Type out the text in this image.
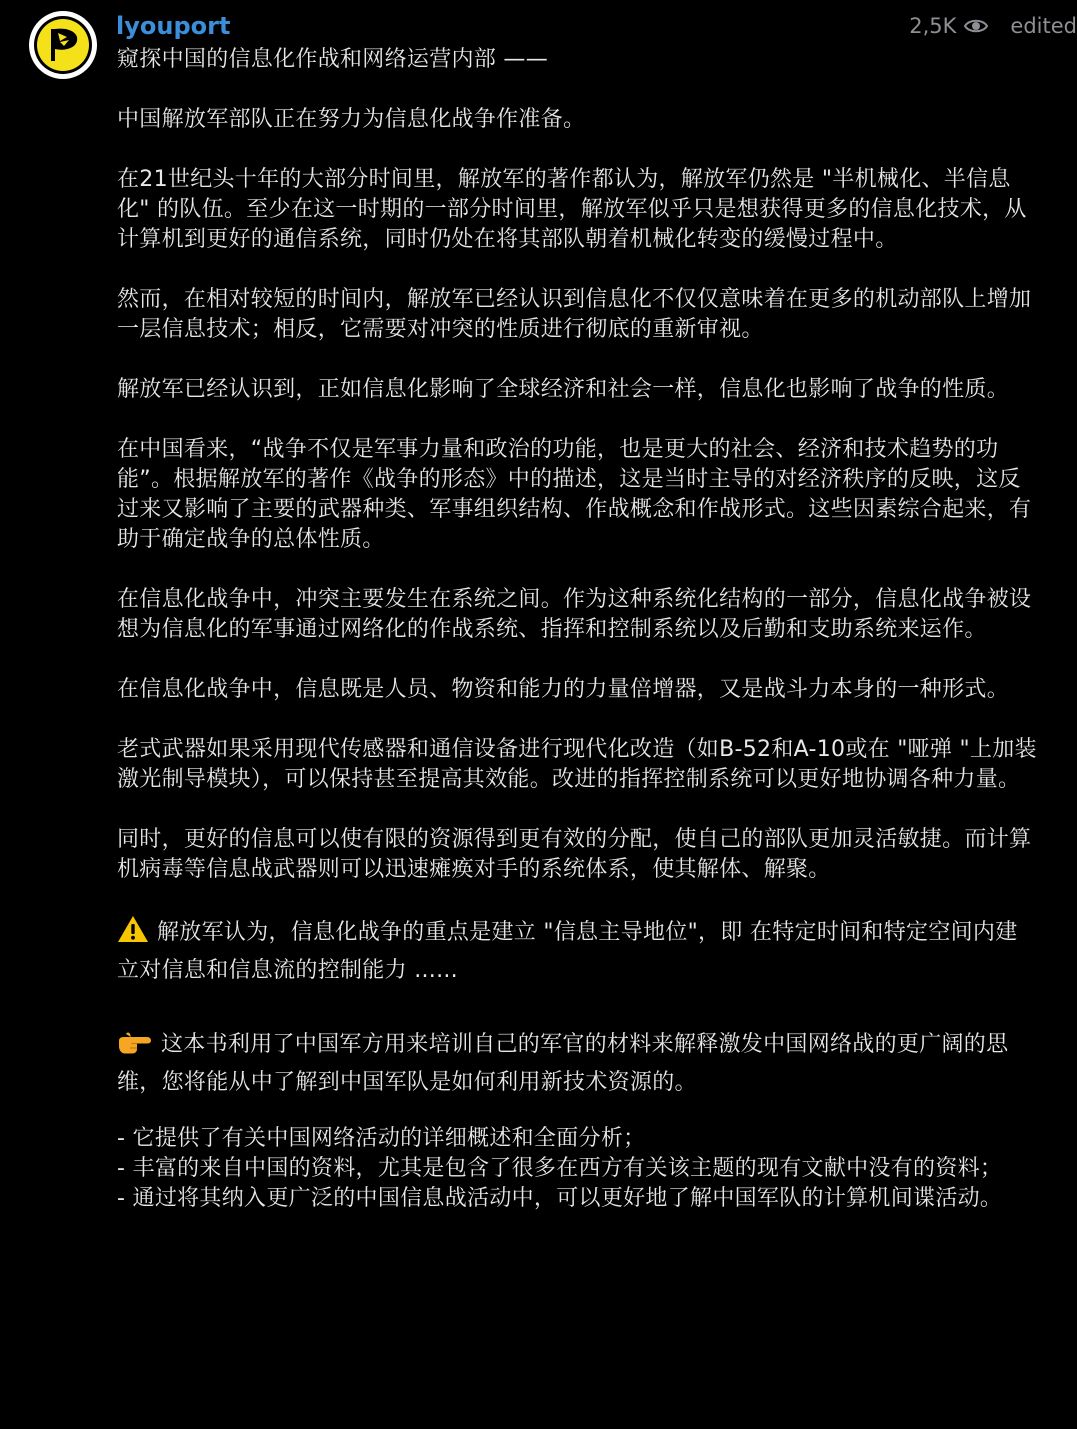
lyouport	2,5K	edited

窥探中国的信息化作战和网络运营内部 ——

中国解放军部队正在努力为信息化战争作准备。

在21世纪头十年的大部分时间里，解放军的著作都认为，解放军仍然是 "半机械化、半信息化" 的队伍。至少在这一时期的一部分时间里，解放军似乎只是想获得更多的信息化技术，从计算机到更好的通信系统，同时仍处在将其部队朝着机械化转变的缓慢过程中。

然而，在相对较短的时间内，解放军已经认识到信息化不仅仅意味着在更多的机动部队上增加一层信息技术；相反，它需要对冲突的性质进行彻底的重新审视。

解放军已经认识到，正如信息化影响了全球经济和社会一样，信息化也影响了战争的性质。

在中国看来，“战争不仅是军事力量和政治的功能，也是更大的社会、经济和技术趋势的功能”。根据解放军的著作《战争的形态》中的描述，这是当时主导的对经济秩序的反映，这反过来又影响了主要的武器种类、军事组织结构、作战概念和作战形式。这些因素综合起来，有助于确定战争的总体性质。

在信息化战争中，冲突主要发生在系统之间。作为这种系统化结构的一部分，信息化战争被设想为信息化的军事通过网络化的作战系统、指挥和控制系统以及后勤和支助系统来运作。

在信息化战争中，信息既是人员、物资和能力的力量倍增器，又是战斗力本身的一种形式。

老式武器如果采用现代传感器和通信设备进行现代化改造（如B-52和A-10或在 "哑弹 "上加装激光制导模块），可以保持甚至提高其效能。改进的指挥控制系统可以更好地协调各种力量。

同时，更好的信息可以使有限的资源得到更有效的分配，使自己的部队更加灵活敏捷。而计算机病毒等信息战武器则可以迅速瘫痪对手的系统体系，使其解体、解聚。

解放军认为，信息化战争的重点是建立 "信息主导地位"，即 在特定时间和特定空间内建立对信息和信息流的控制能力 ......

这本书利用了中国军方用来培训自己的军官的材料来解释激发中国网络战的更广阔的思维，您将能从中了解到中国军队是如何利用新技术资源的。

- 它提供了有关中国网络活动的详细概述和全面分析；
- 丰富的来自中国的资料，尤其是包含了很多在西方有关该主题的现有文献中没有的资料；
- 通过将其纳入更广泛的中国信息战活动中，可以更好地了解中国军队的计算机间谍活动。
